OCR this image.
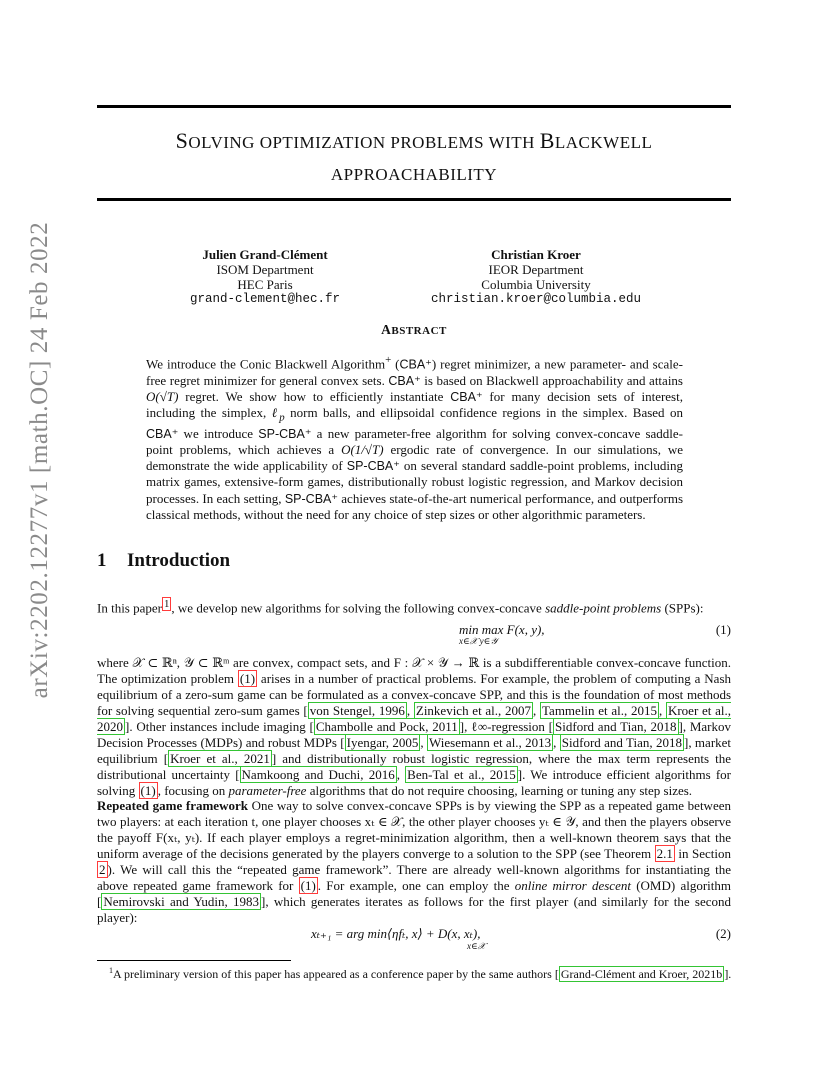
arXiv:2202.12277v1 [math.OC] 24 Feb 2022
SOLVING OPTIMIZATION PROBLEMS WITH BLACKWELL
APPROACHABILITY
Julien Grand-Clément
ISOM Department
HEC Paris
grand-clement@hec.fr
Christian Kroer
IEOR Department
Columbia University
christian.kroer@columbia.edu
ABSTRACT
We introduce the Conic Blackwell Algorithm+ (CBA⁺) regret minimizer, a new parameter- and scale-free regret minimizer for general convex sets. CBA⁺ is based on Blackwell approachability and attains O(√T) regret. We show how to efficiently instantiate CBA⁺ for many decision sets of interest, including the simplex, ℓ$_p$ norm balls, and ellipsoidal confidence regions in the simplex. Based on CBA⁺ we introduce SP-CBA⁺ a new parameter-free algorithm for solving convex-concave saddle-point problems, which achieves a O(1/√T) ergodic rate of convergence. In our simulations, we demonstrate the wide applicability of SP-CBA⁺ on several standard saddle-point problems, including matrix games, extensive-form games, distributionally robust logistic regression, and Markov decision processes. In each setting, SP-CBA⁺ achieves state-of-the-art numerical performance, and outperforms classical methods, without the need for any choice of step sizes or other algorithmic parameters.
1 Introduction
In this paper $^1$ , we develop new algorithms for solving the following convex-concave saddle-point problems (SPPs):
min max F(x, y),
x∈𝒳 y∈𝒴
(1)
where 𝒳 ⊂ ℝⁿ, 𝒴 ⊂ ℝᵐ are convex, compact sets, and F : 𝒳 × 𝒴 → ℝ is a subdifferentiable convex-concave function. The optimization problem (1) arises in a number of practical problems. For example, the problem of computing a Nash equilibrium of a zero-sum game can be formulated as a convex-concave SPP, and this is the foundation of most methods for solving sequential zero-sum games [ von Stengel, 1996 , Zinkevich et al., 2007 , Tammelin et al., 2015 , Kroer et al., 2020 ]. Other instances include imaging [ Chambolle and Pock, 2011 ], ℓ∞-regression [ Sidford and Tian, 2018 ], Markov Decision Processes (MDPs) and robust MDPs [ Iyengar, 2005 , Wiesemann et al., 2013 , Sidford and Tian, 2018 ], market equilibrium [ Kroer et al., 2021 ] and distributionally robust logistic regression, where the max term represents the distributional uncertainty [ Namkoong and Duchi, 2016 , Ben-Tal et al., 2015 ]. We introduce efficient algorithms for solving (1) , focusing on parameter-free algorithms that do not require choosing, learning or tuning any step sizes.
Repeated game framework One way to solve convex-concave SPPs is by viewing the SPP as a repeated game between two players: at each iteration t, one player chooses xₜ ∈ 𝒳, the other player chooses yₜ ∈ 𝒴, and then the players observe the payoff F(xₜ, yₜ). If each player employs a regret-minimization algorithm, then a well-known theorem says that the uniform average of the decisions generated by the players converge to a solution to the SPP (see Theorem 2.1 in Section 2 ). We will call this the “repeated game framework”. There are already well-known algorithms for instantiating the above repeated game framework for (1) . For example, one can employ the online mirror descent (OMD) algorithm [ Nemirovski and Yudin, 1983 ], which generates iterates as follows for the first player (and similarly for the second player):
xₜ₊₁ = arg min⟨ηfₜ, x⟩ + D(x, xₜ),
x∈𝒳
(2)
$^1$A preliminary version of this paper has appeared as a conference paper by the same authors [ Grand-Clément and Kroer, 2021b ].
